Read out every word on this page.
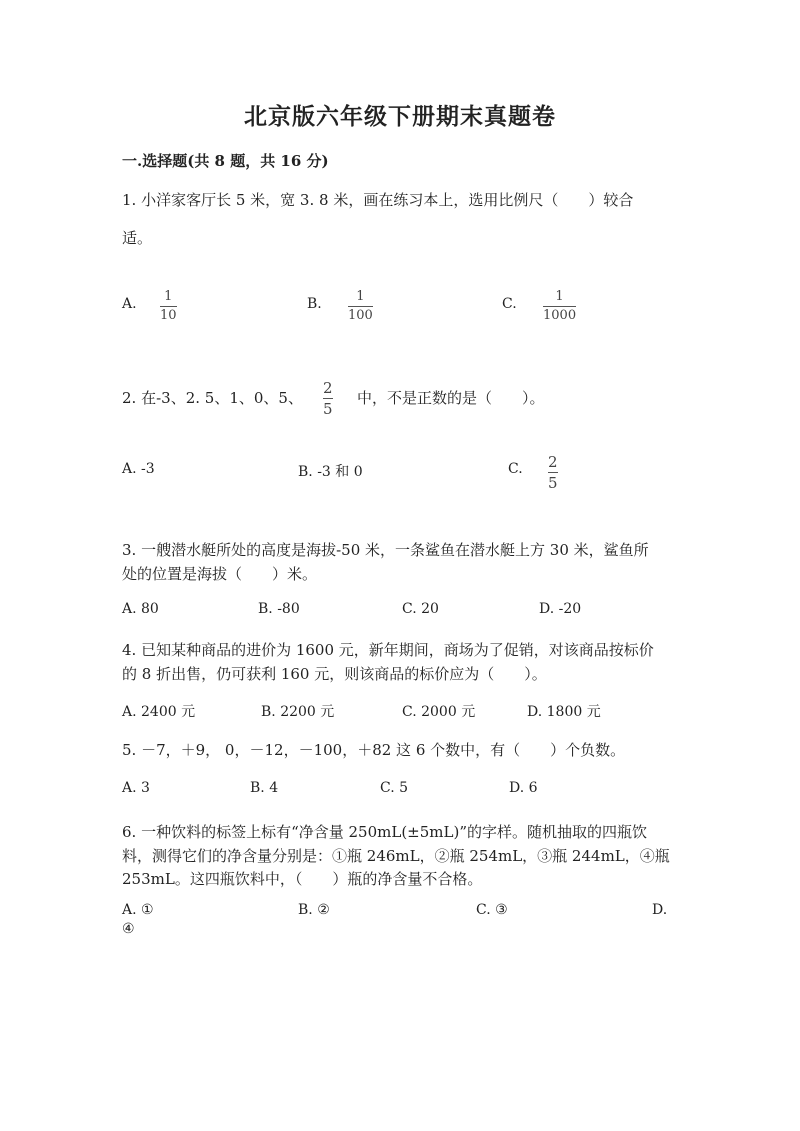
北京版六年级下册期末真题卷
一.选择题(共 8 题，共 16 分)
1. 小洋家客厅长 5 米，宽 3. 8 米，画在练习本上，选用比例尺（　　）较合
适。
A. 1
10
B.	1
100
C.	1
1000
2. 在-3、2. 5、1、0、5、
2
5
中，不是正数的是（　　）。
A. -3	B. -3 和 0	C. 2
5
3. 一艘潜水艇所处的高度是海拔-50 米，一条鲨鱼在潜水艇上方 30 米，鲨鱼所
处的位置是海拔（　　）米。
A. 80	B. -80	C. 20	D. -20
4. 已知某种商品的进价为 1600 元，新年期间，商场为了促销，对该商品按标价
的 8 折出售，仍可获利 160 元，则该商品的标价应为（　　）。
A. 2400 元	B. 2200 元	C. 2000 元	D. 1800 元
5. －7，＋9， 0，－12，－100，＋82 这 6 个数中，有（　　）个负数。
A. 3	B. 4	C. 5	D. 6
6. 一种饮料的标签上标有“净含量 250mL(±5mL)”的字样。随机抽取的四瓶饮
料，测得它们的净含量分别是：①瓶 246mL，②瓶 254mL，③瓶 244mL，④瓶
253mL。这四瓶饮料中，（　　）瓶的净含量不合格。
A. ①	B. ②	C. ③	D.
④
